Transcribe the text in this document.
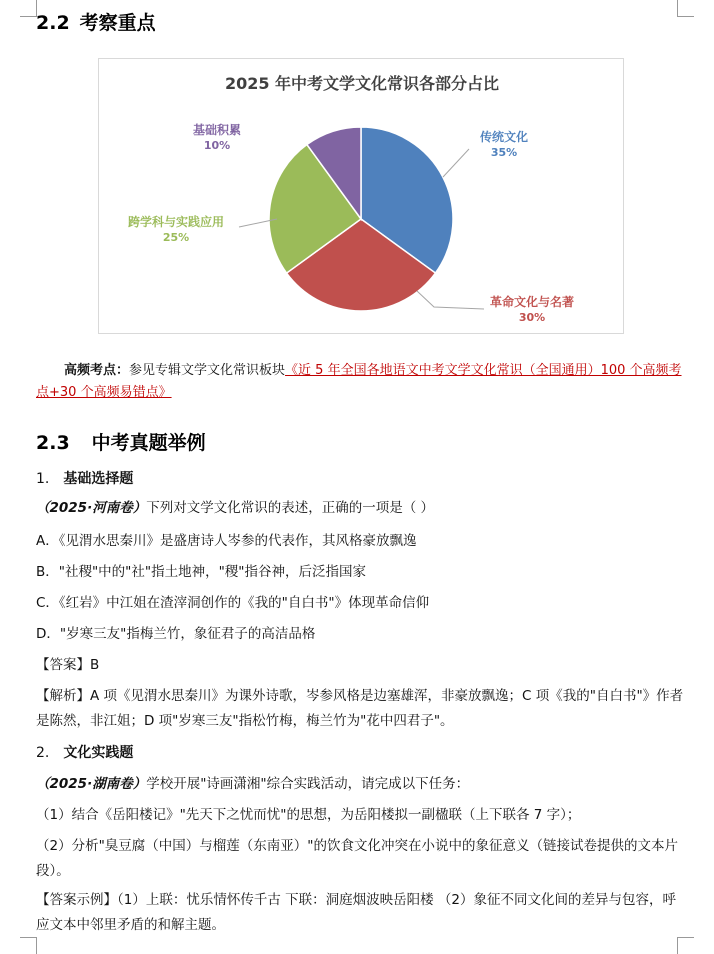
2.2 考察重点
2025 年中考文学文化常识各部分占比
传统文化
35%
革命文化与名著
30%
跨学科与实践应用
25%
基础积累
10%
高频考点：参见专辑文学文化常识板块《近 5 年全国各地语文中考文学文化常识（全国通用）100 个高频考点+30 个高频易错点》
2.3 中考真题举例
1. 基础选择题
（2025·河南卷）下列对文学文化常识的表述，正确的一项是（ ）
A．《见渭水思秦川》是盛唐诗人岑参的代表作，其风格豪放飘逸
B．"社稷"中的"社"指土地神，"稷"指谷神，后泛指国家
C．《红岩》中江姐在渣滓洞创作的《我的"自白书"》体现革命信仰
D．"岁寒三友"指梅兰竹，象征君子的高洁品格
【答案】B
【解析】A 项《见渭水思秦川》为课外诗歌，岑参风格是边塞雄浑，非豪放飘逸；C 项《我的"自白书"》作者是陈然，非江姐；D 项"岁寒三友"指松竹梅，梅兰竹为"花中四君子"。
2. 文化实践题
（2025·湖南卷）学校开展"诗画潇湘"综合实践活动，请完成以下任务：
（1）结合《岳阳楼记》"先天下之忧而忧"的思想，为岳阳楼拟一副楹联（上下联各 7 字）；
（2）分析"臭豆腐（中国）与榴莲（东南亚）"的饮食文化冲突在小说中的象征意义（链接试卷提供的文本片段）。
【答案示例】（1）上联：忧乐情怀传千古 下联：洞庭烟波映岳阳楼 （2）象征不同文化间的差异与包容，呼应文本中邻里矛盾的和解主题。
